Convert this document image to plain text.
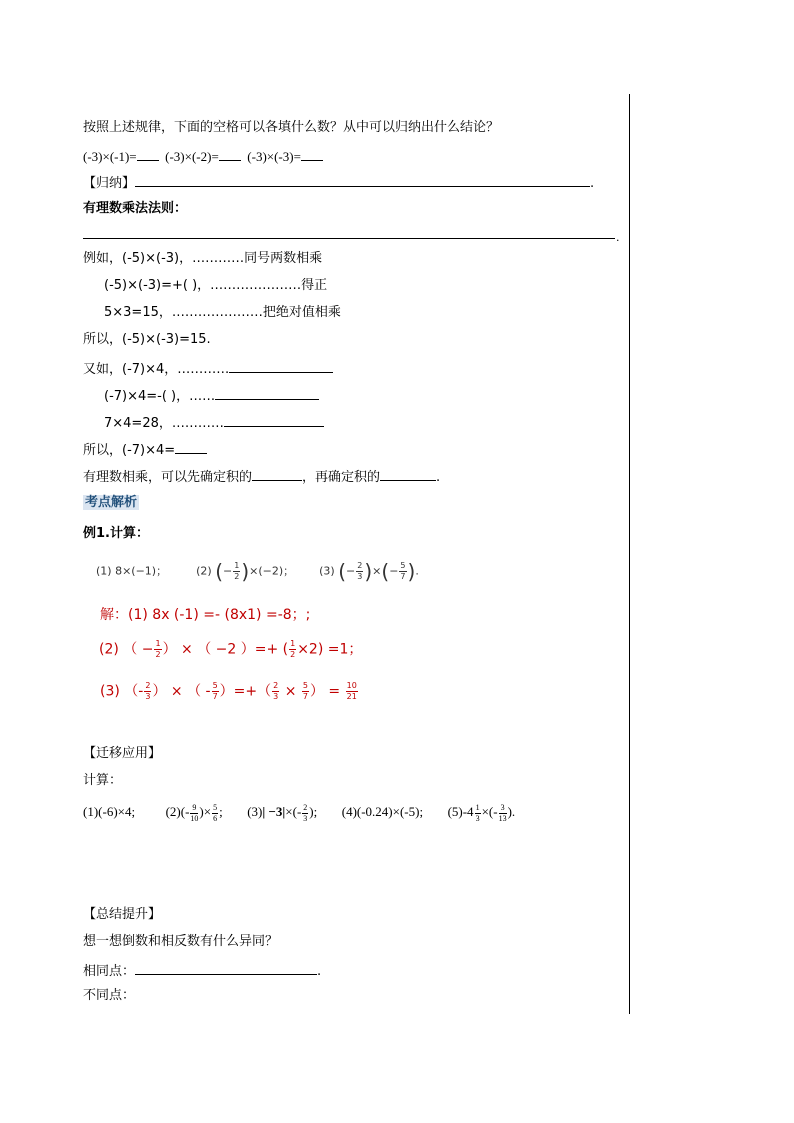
按照上述规律，下面的空格可以各填什么数？从中可以归纳出什么结论？
(-3)×(-1)= (-3)×(-2)= (-3)×(-3)=
【归纳】	.
有理数乘法法则：
.
例如，(-5)×(-3)，…………同号两数相乘
(-5)×(-3)=+( )，…………………得正
5×3=15，…………………把绝对值相乘
所以，(-5)×(-3)=15.
又如，(-7)×4，…………
(-7)×4=-( )，……
7×4=28，…………
所以，(-7)×4=
有理数相乘，可以先确定积的	，再确定积的	.
考点解析
例1.计算：
(1) 8×(−1)；	(2) (− $\frac{1}{2} )\times(-2)$； (3) (− $\frac{2}{3}$ )×(− $\frac{5}{7}$ ).
解：(1) 8x (-1) =- (8x1) =-8；;
(2) （ − $\frac{1}{2}$ ） × （ −2 ）=+ ( $\frac{1}{2} \times 2) =1$；
(3) （- $\frac{2}{3}$ ） × （ - $\frac{5}{7}$ ）=+（ $\frac{2}{3} \times \frac{5}{7}$ ） = $\frac{10}{21}$
【迁移应用】
计算：
(1)(-6)×4; $(2)(- \frac{9}{10}$ )× $\frac{5}{6}$ ; $(3)| -3|\times(- \frac{2}{3}$ ); (4)(-0.24)×(-5); $(5)-4 \frac{1}{3}$ ×(- $\frac{3}{13}$ ).
【总结提升】
想一想倒数和相反数有什么异同？
相同点：	.
不同点：
